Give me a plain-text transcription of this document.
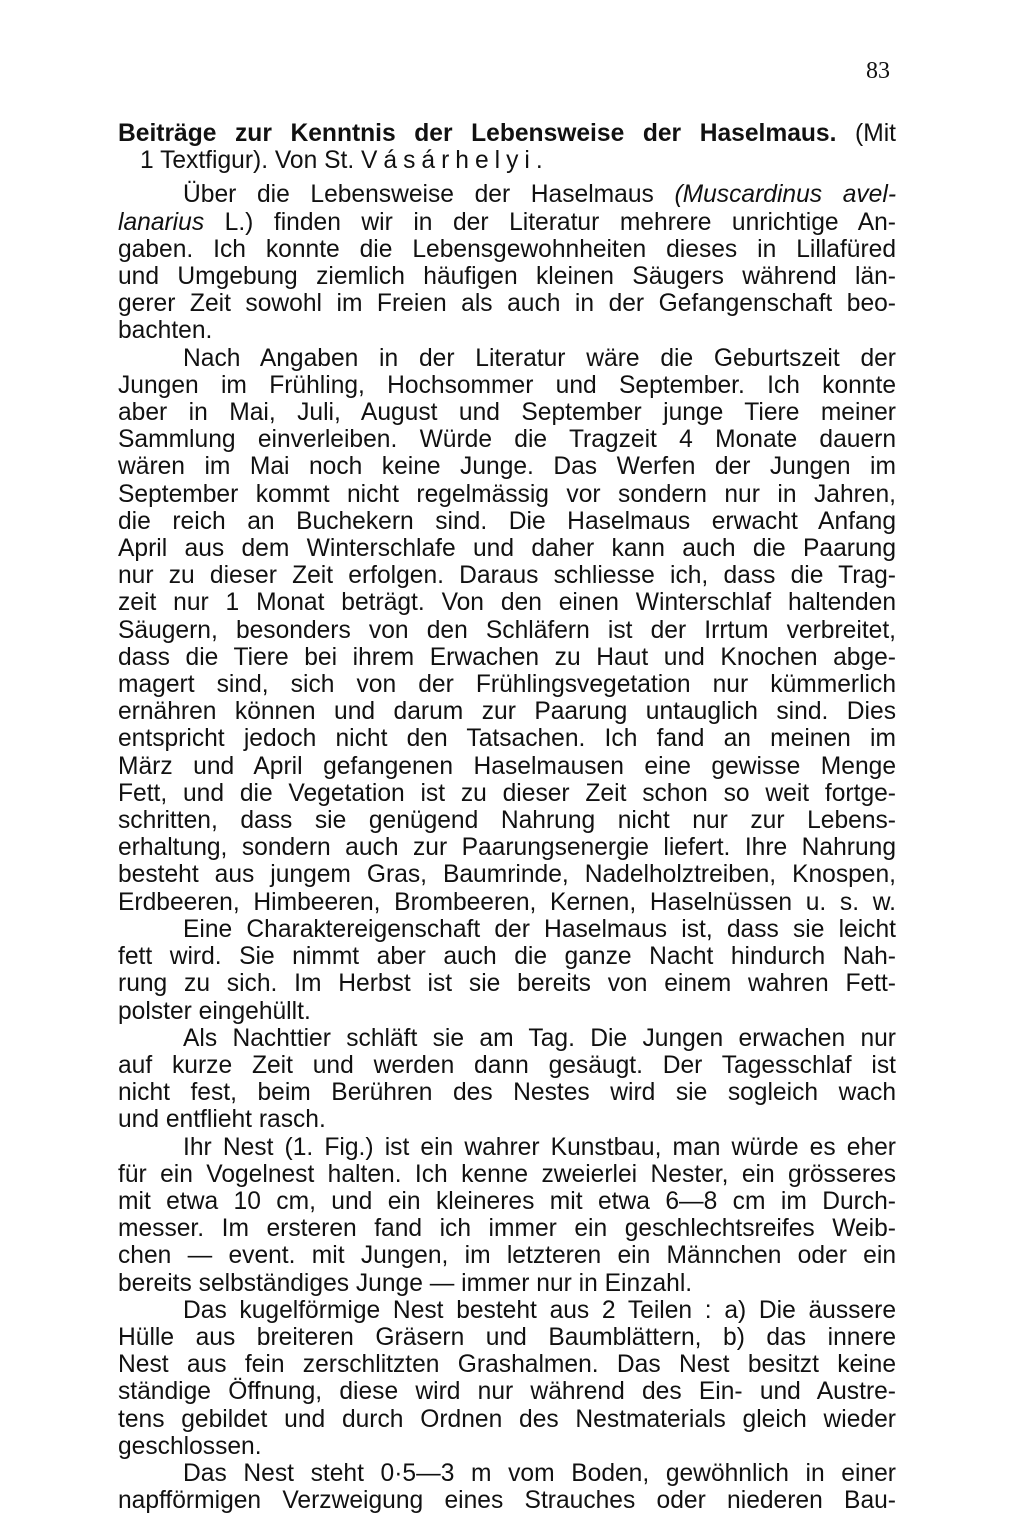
83
Beiträge zur Kenntnis der Lebensweise der Haselmaus. (Mit
1 Textfigur). Von St. Vásárhelyi.
Über die Lebensweise der Haselmaus (Muscardinus avel-
lanarius L.) finden wir in der Literatur mehrere unrichtige An-
gaben. Ich konnte die Lebensgewohnheiten dieses in Lillafüred
und Umgebung ziemlich häufigen kleinen Säugers während län-
gerer Zeit sowohl im Freien als auch in der Gefangenschaft beo-
bachten.
Nach Angaben in der Literatur wäre die Geburtszeit der
Jungen im Frühling, Hochsommer und September. Ich konnte
aber in Mai, Juli, August und September junge Tiere meiner
Sammlung einverleiben. Würde die Tragzeit 4 Monate dauern
wären im Mai noch keine Junge. Das Werfen der Jungen im
September kommt nicht regelmässig vor sondern nur in Jahren,
die reich an Buchekern sind. Die Haselmaus erwacht Anfang
April aus dem Winterschlafe und daher kann auch die Paarung
nur zu dieser Zeit erfolgen. Daraus schliesse ich, dass die Trag-
zeit nur 1 Monat beträgt. Von den einen Winterschlaf haltenden
Säugern, besonders von den Schläfern ist der Irrtum verbreitet,
dass die Tiere bei ihrem Erwachen zu Haut und Knochen abge-
magert sind, sich von der Frühlingsvegetation nur kümmerlich
ernähren können und darum zur Paarung untauglich sind. Dies
entspricht jedoch nicht den Tatsachen. Ich fand an meinen im
März und April gefangenen Haselmausen eine gewisse Menge
Fett, und die Vegetation ist zu dieser Zeit schon so weit fortge-
schritten, dass sie genügend Nahrung nicht nur zur Lebens-
erhaltung, sondern auch zur Paarungsenergie liefert. Ihre Nahrung
besteht aus jungem Gras, Baumrinde, Nadelholztreiben, Knospen,
Erdbeeren, Himbeeren, Brombeeren, Kernen, Haselnüssen u. s. w.
Eine Charaktereigenschaft der Haselmaus ist, dass sie leicht
fett wird. Sie nimmt aber auch die ganze Nacht hindurch Nah-
rung zu sich. Im Herbst ist sie bereits von einem wahren Fett-
polster eingehüllt.
Als Nachttier schläft sie am Tag. Die Jungen erwachen nur
auf kurze Zeit und werden dann gesäugt. Der Tagesschlaf ist
nicht fest, beim Berühren des Nestes wird sie sogleich wach
und entflieht rasch.
Ihr Nest (1. Fig.) ist ein wahrer Kunstbau, man würde es eher
für ein Vogelnest halten. Ich kenne zweierlei Nester, ein grösseres
mit etwa 10 cm, und ein kleineres mit etwa 6—8 cm im Durch-
messer. Im ersteren fand ich immer ein geschlechtsreifes Weib-
chen — event. mit Jungen, im letzteren ein Männchen oder ein
bereits selbständiges Junge — immer nur in Einzahl.
Das kugelförmige Nest besteht aus 2 Teilen : a) Die äussere
Hülle aus breiteren Gräsern und Baumblättern, b) das innere
Nest aus fein zerschlitzten Grashalmen. Das Nest besitzt keine
ständige Öffnung, diese wird nur während des Ein- und Austre-
tens gebildet und durch Ordnen des Nestmaterials gleich wieder
geschlossen.
Das Nest steht 0·5—3 m vom Boden, gewöhnlich in einer
napfförmigen Verzweigung eines Strauches oder niederen Bau-
